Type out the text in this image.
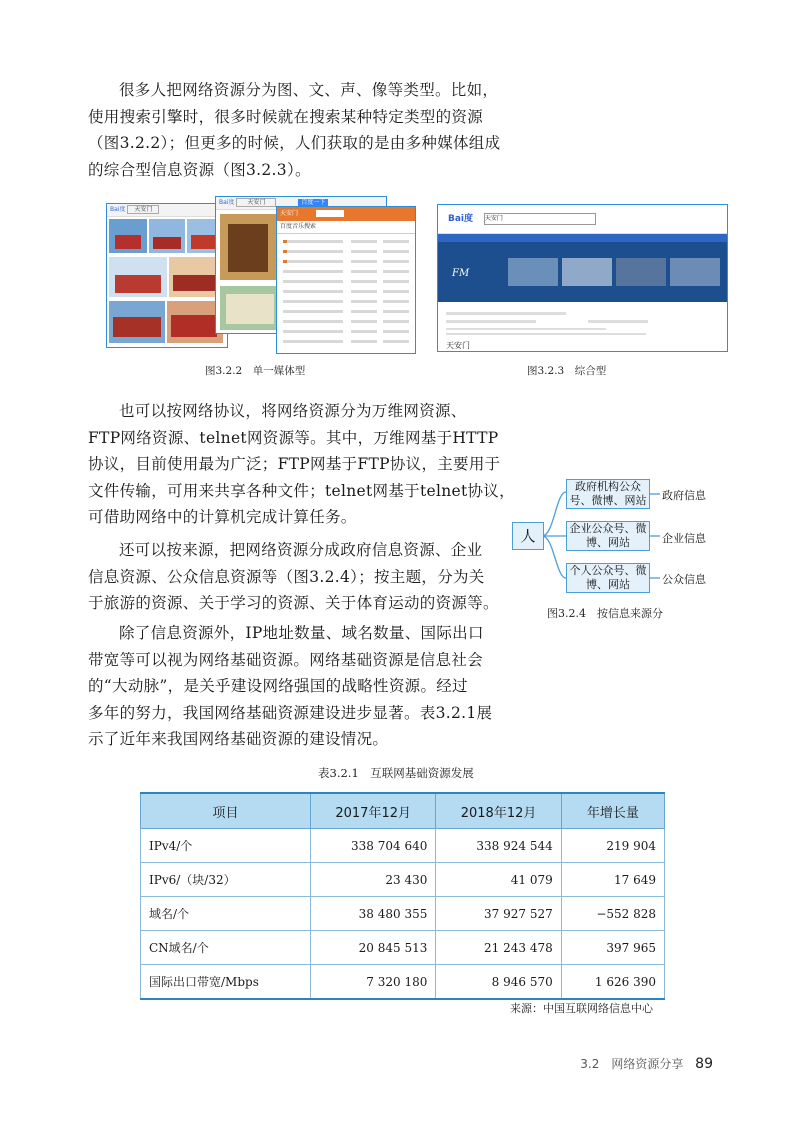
很多人把网络资源分为图、文、声、像等类型。比如，

使用搜索引擎时，很多时候就在搜索某种特定类型的资源

（图3.2.2）；但更多的时候，人们获取的是由多种媒体组成

的综合型信息资源（图3.2.3）。

Bai度 天安门
Bai度 天安门	百度一下
天安门
百度音乐搜索
图3.2.2　单一媒体型
Bai度 天安门
FM

天安门
图3.2.3　综合型

也可以按网络协议，将网络资源分为万维网资源、

FTP网络资源、telnet网资源等。其中，万维网基于HTTP

协议，目前使用最为广泛；FTP网基于FTP协议，主要用于

文件传输，可用来共享各种文件；telnet网基于telnet协议，

可借助网络中的计算机完成计算任务。

还可以按来源，把网络资源分成政府信息资源、企业

信息资源、公众信息资源等（图3.2.4）；按主题，分为关

于旅游的资源、关于学习的资源、关于体育运动的资源等。

除了信息资源外，IP地址数量、域名数量、国际出口

带宽等可以视为网络基础资源。网络基础资源是信息社会

的“大动脉”，是关乎建设网络强国的战略性资源。经过

多年的努力，我国网络基础资源建设进步显著。表3.2.1展

示了近年来我国网络基础资源的建设情况。

人
政府机构公众号、微博、网站
企业公众号、微博、网站
个人公众号、微博、网站
政府信息
企业信息
公众信息
图3.2.4　按信息来源分
表3.2.1　互联网基础资源发展
项目	2017年12月	2018年12月	年增长量
IPv4/个	338 704 640	338 924 544	219 904
IPv6/（块/32）	23 430	41 079	17 649
域名/个	38 480 355	37 927 527	−552 828
CN域名/个	20 845 513	21 243 478	397 965
国际出口带宽/Mbps	7 320 180	8 946 570	1 626 390
来源：中国互联网络信息中心
3.2　网络资源分享 89
